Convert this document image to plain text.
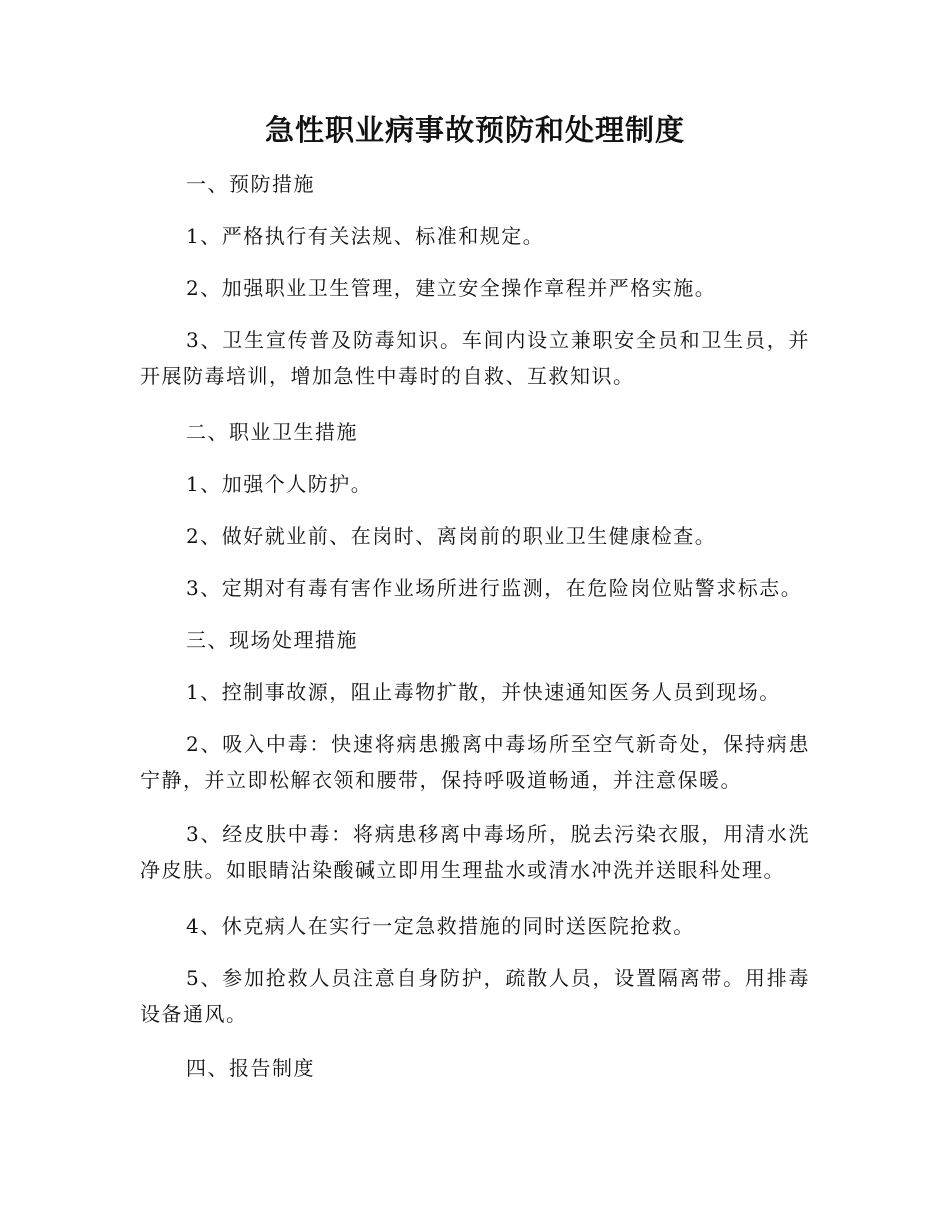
急性职业病事故预防和处理制度

一、预防措施

1、严格执行有关法规、标准和规定。

2、加强职业卫生管理，建立安全操作章程并严格实施。

3、卫生宣传普及防毒知识。车间内设立兼职安全员和卫生员，并开展防毒培训，增加急性中毒时的自救、互救知识。

二、职业卫生措施

1、加强个人防护。

2、做好就业前、在岗时、离岗前的职业卫生健康检查。

3、定期对有毒有害作业场所进行监测，在危险岗位贴警求标志。

三、现场处理措施

1、控制事故源，阻止毒物扩散，并快速通知医务人员到现场。

2、吸入中毒：快速将病患搬离中毒场所至空气新奇处，保持病患宁静，并立即松解衣领和腰带，保持呼吸道畅通，并注意保暖。

3、经皮肤中毒：将病患移离中毒场所，脱去污染衣服，用清水洗净皮肤。如眼睛沾染酸碱立即用生理盐水或清水冲洗并送眼科处理。

4、休克病人在实行一定急救措施的同时送医院抢救。

5、参加抢救人员注意自身防护，疏散人员，设置隔离带。用排毒设备通风。

四、报告制度
